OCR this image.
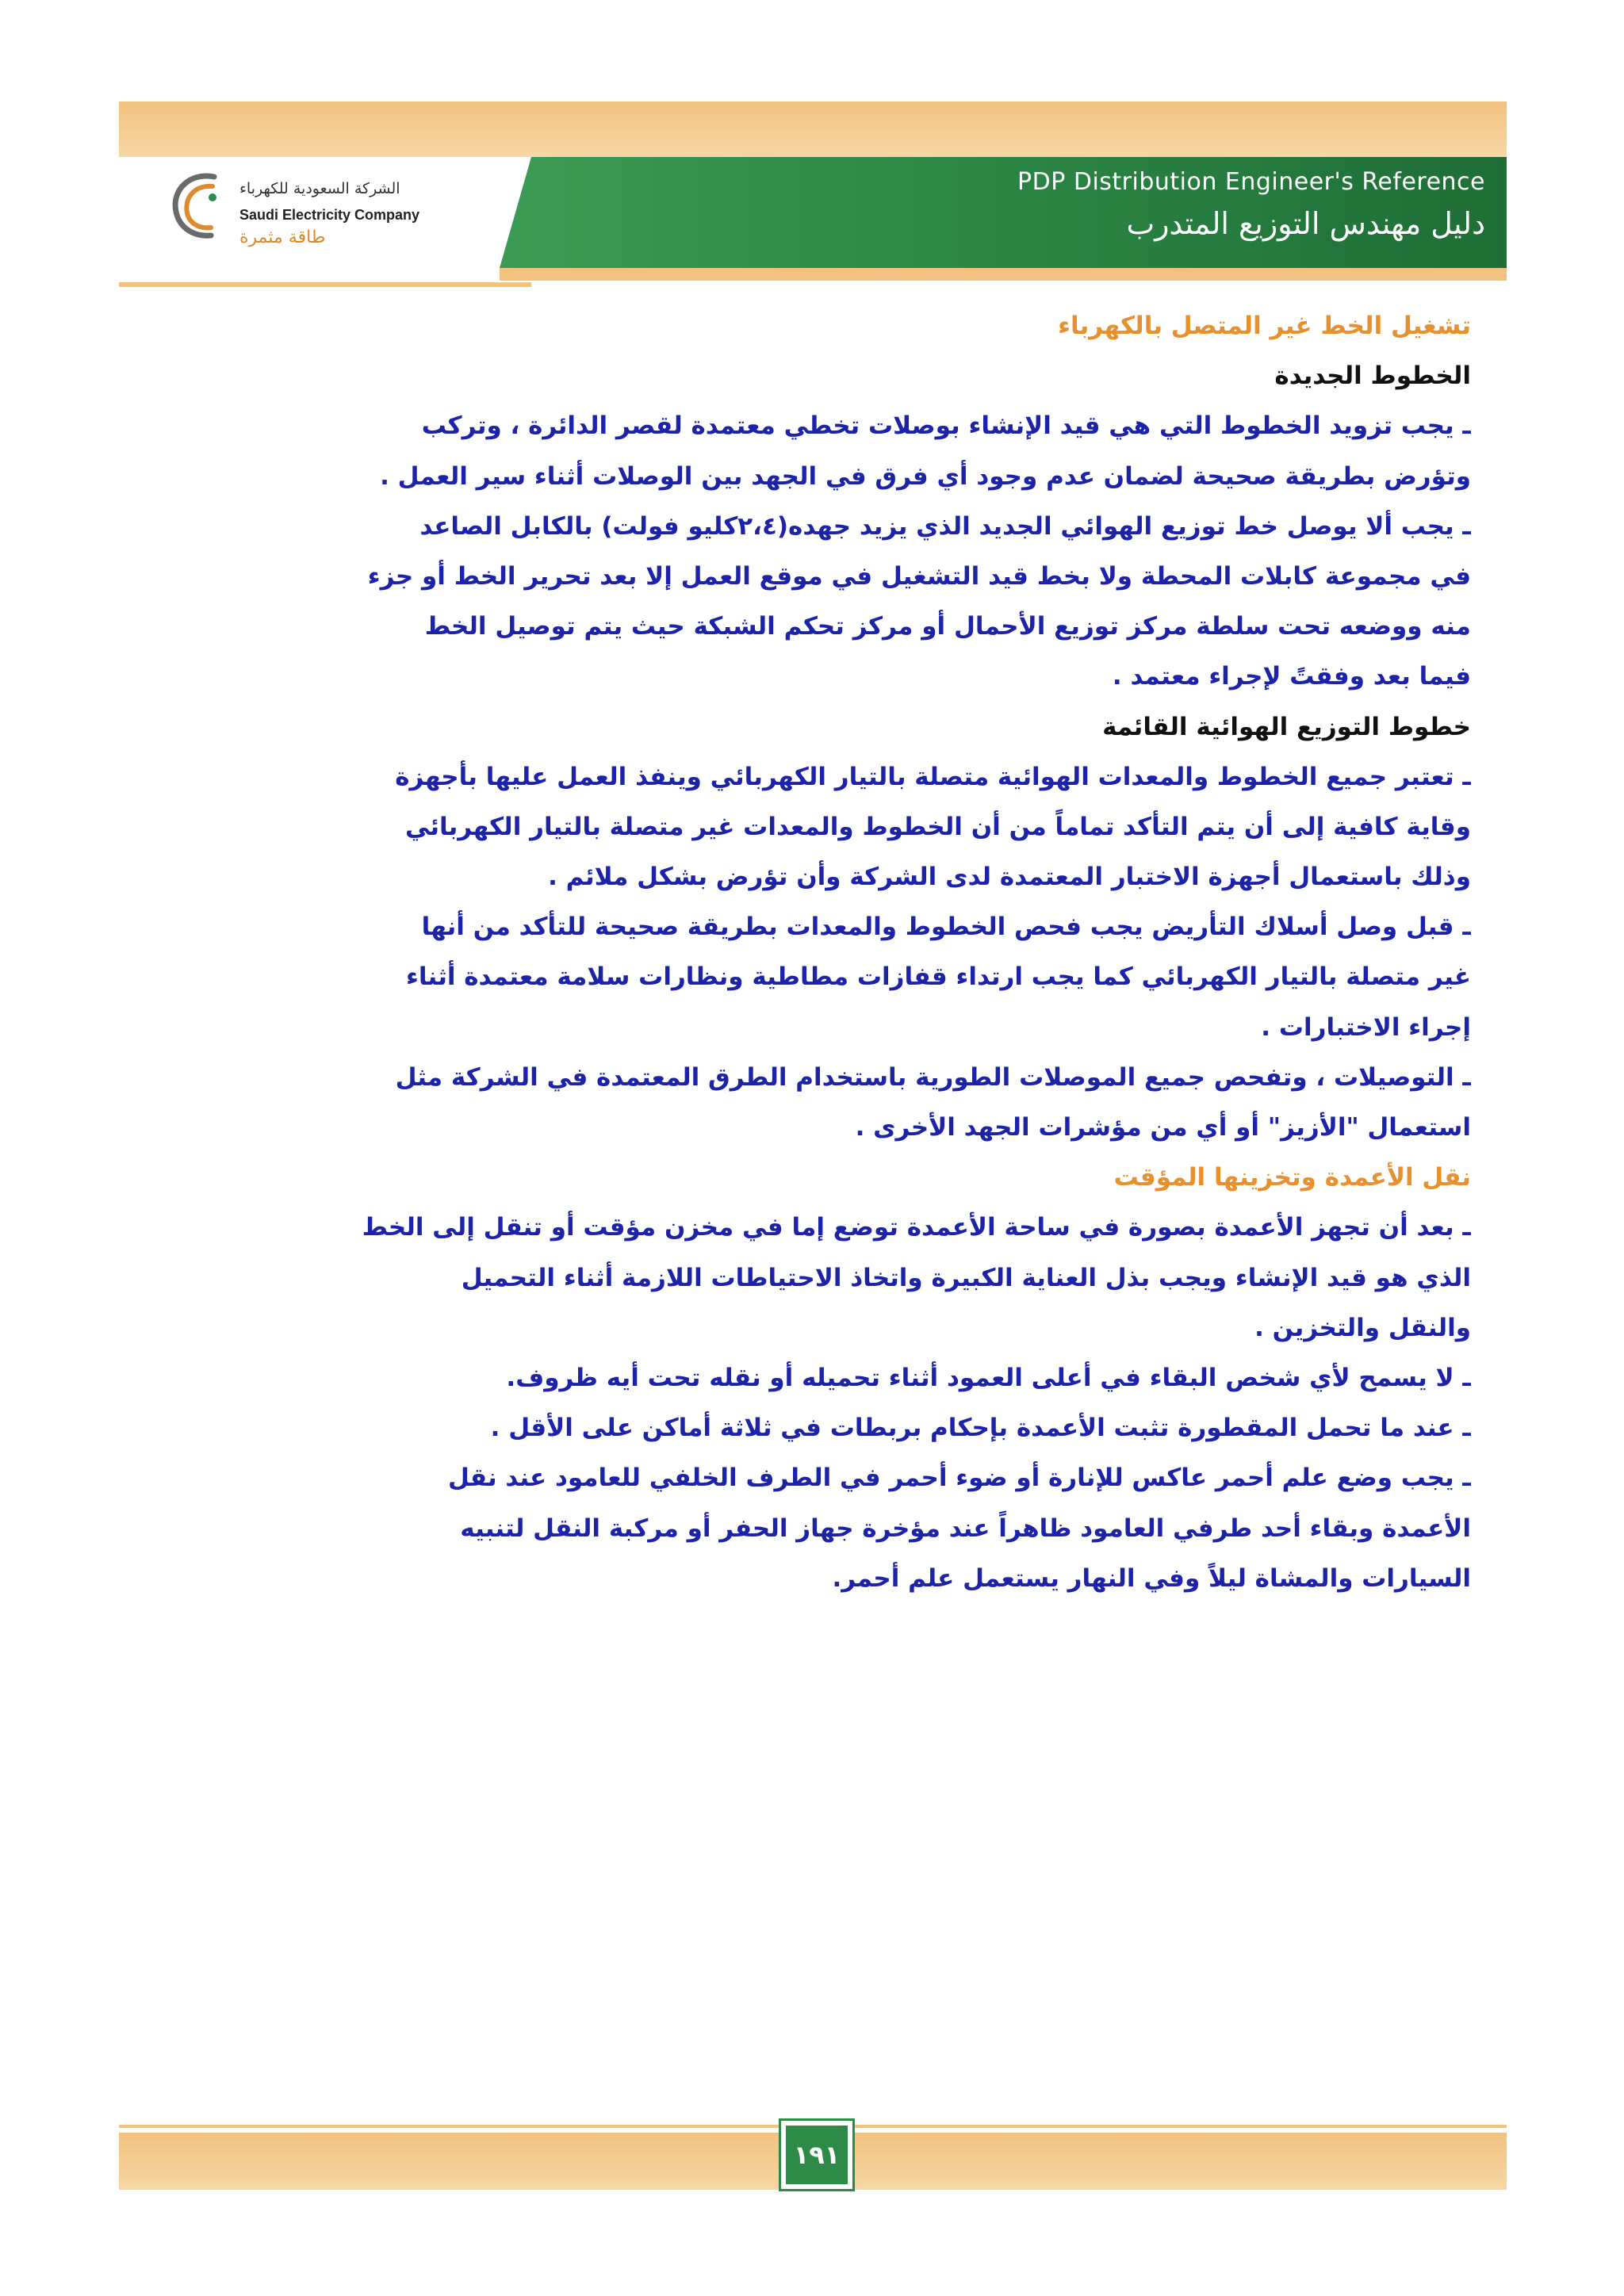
PDP Distribution Engineer's Reference
دليل مهندس التوزيع المتدرب
الشركة السعودية للكهرباء
Saudi Electricity Company
طاقة مثمرة
تشغيل الخط غير المتصل بالكهرباء
الخطوط الجديدة
ـ يجب تزويد الخطوط التي هي قيد الإنشاء بوصلات تخطي معتمدة لقصر الدائرة ، وتركب
وتؤرض بطريقة صحيحة لضمان عدم وجود أي فرق في الجهد بين الوصلات أثناء سير العمل .
ـ يجب ألا يوصل خط توزيع الهوائي الجديد الذي يزيد جهده(٢،٤كليو فولت) بالكابل الصاعد
في مجموعة كابلات المحطة ولا بخط قيد التشغيل في موقع العمل إلا بعد تحرير الخط أو جزء
منه ووضعه تحت سلطة مركز توزيع الأحمال أو مركز تحكم الشبكة حيث يتم توصيل الخط
فيما بعد وفقتً لإجراء معتمد .
خطوط التوزيع الهوائية القائمة
ـ تعتبر جميع الخطوط والمعدات الهوائية متصلة بالتيار الكهربائي وينفذ العمل عليها بأجهزة
وقاية كافية إلى أن يتم التأكد تماماً من أن الخطوط والمعدات غير متصلة بالتيار الكهربائي
وذلك باستعمال أجهزة الاختبار المعتمدة لدى الشركة وأن تؤرض بشكل ملائم .
ـ قبل وصل أسلاك التأريض يجب فحص الخطوط والمعدات بطريقة صحيحة للتأكد من أنها
غير متصلة بالتيار الكهربائي كما يجب ارتداء قفازات مطاطية ونظارات سلامة معتمدة أثناء
إجراء الاختبارات .
ـ التوصيلات ، وتفحص جميع الموصلات الطورية باستخدام الطرق المعتمدة في الشركة مثل
استعمال "الأزيز" أو أي من مؤشرات الجهد الأخرى .
نقل الأعمدة وتخزينها المؤقت
ـ بعد أن تجهز الأعمدة بصورة في ساحة الأعمدة توضع إما في مخزن مؤقت أو تنقل إلى الخط
الذي هو قيد الإنشاء ويجب بذل العناية الكبيرة واتخاذ الاحتياطات اللازمة أثناء التحميل
والنقل والتخزين .
ـ لا يسمح لأي شخص البقاء في أعلى العمود أثناء تحميله أو نقله تحت أيه ظروف.
ـ عند ما تحمل المقطورة تثبت الأعمدة بإحكام بربطات في ثلاثة أماكن على الأقل .
ـ يجب وضع علم أحمر عاكس للإنارة أو ضوء أحمر في الطرف الخلفي للعامود عند نقل
الأعمدة وبقاء أحد طرفي العامود ظاهراً عند مؤخرة جهاز الحفر أو مركبة النقل لتنبيه
السيارات والمشاة ليلاً وفي النهار يستعمل علم أحمر.
١٩١
